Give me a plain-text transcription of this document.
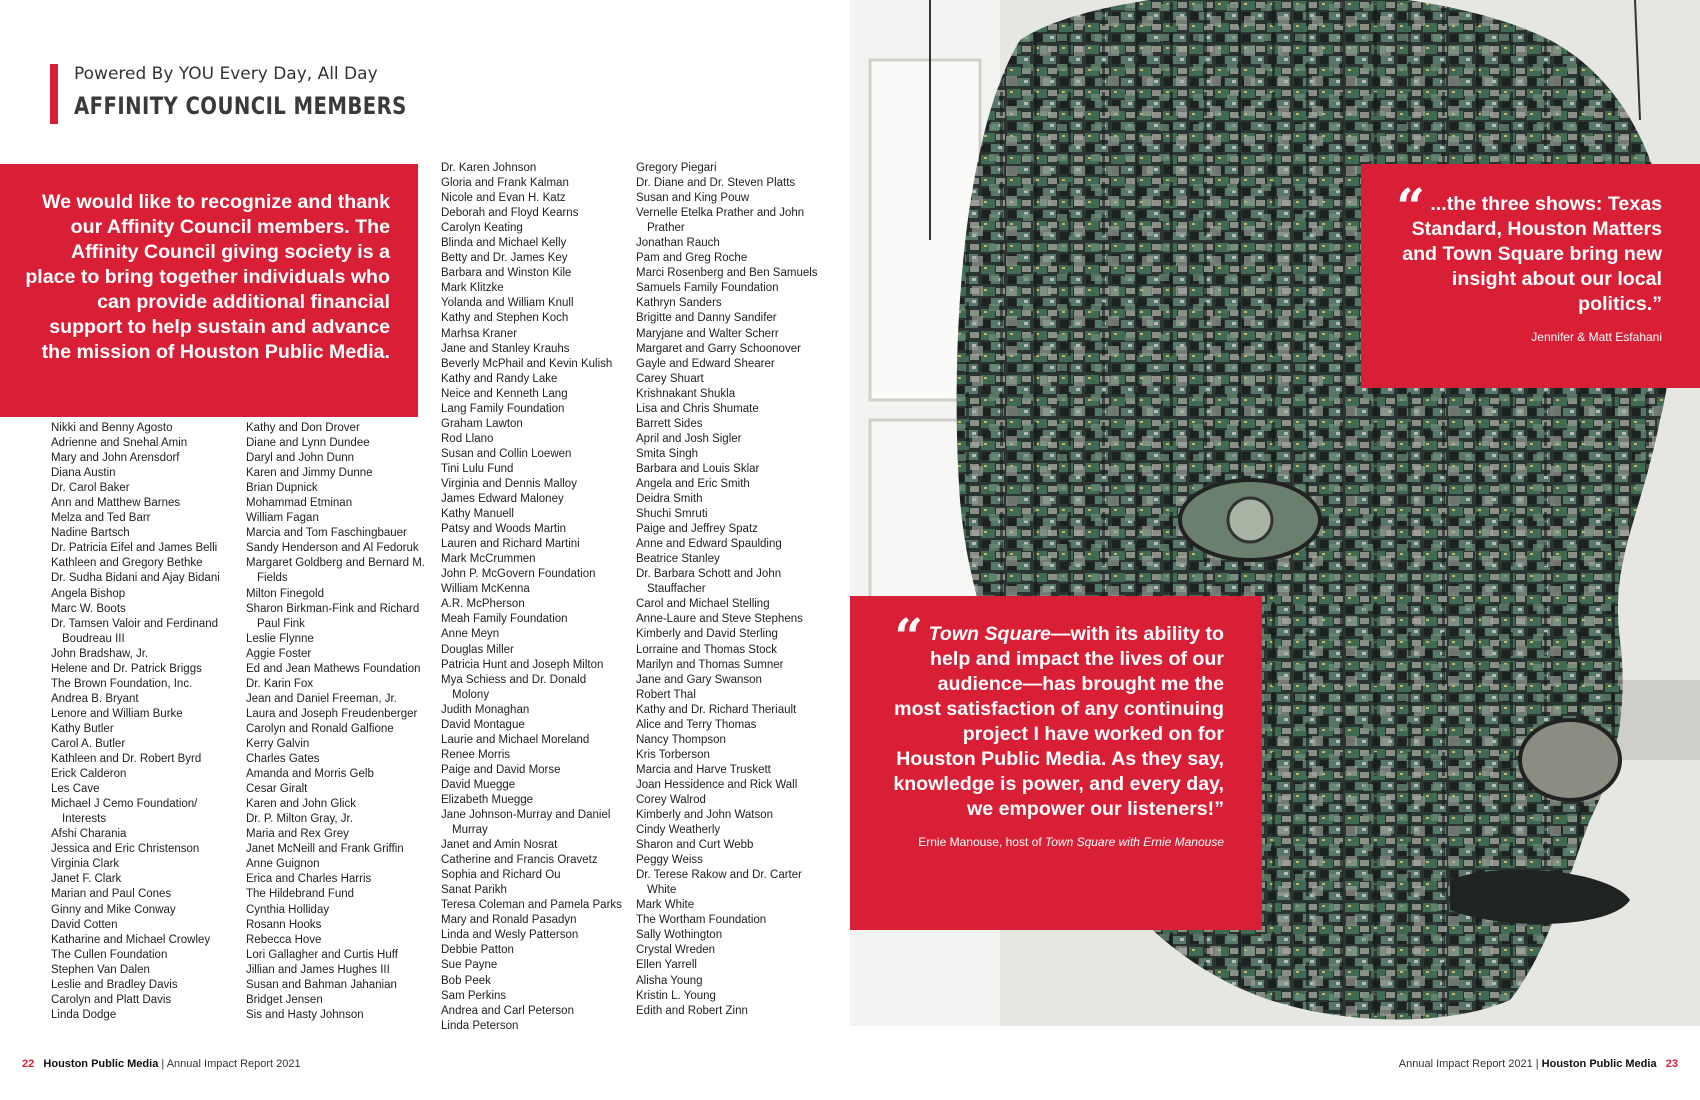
Powered By YOU Every Day, All Day
AFFINITY COUNCIL MEMBERS
We would like to recognize and thank our Affinity Council members. The Affinity Council giving society is a place to bring together individuals who can provide additional financial support to help sustain and advance the mission of Houston Public Media.
Nikki and Benny Agosto
Adrienne and Snehal Amin
Mary and John Arensdorf
Diana Austin
Dr. Carol Baker
Ann and Matthew Barnes
Melza and Ted Barr
Nadine Bartsch
Dr. Patricia Eifel and James Belli
Kathleen and Gregory Bethke
Dr. Sudha Bidani and Ajay Bidani
Angela Bishop
Marc W. Boots
Dr. Tamsen Valoir and Ferdinand Boudreau III
John Bradshaw, Jr.
Helene and Dr. Patrick Briggs
The Brown Foundation, Inc.
Andrea B. Bryant
Lenore and William Burke
Kathy Butler
Carol A. Butler
Kathleen and Dr. Robert Byrd
Erick Calderon
Les Cave
Michael J Cemo Foundation/ Interests
Afshi Charania
Jessica and Eric Christenson
Virginia Clark
Janet F. Clark
Marian and Paul Cones
Ginny and Mike Conway
David Cotten
Katharine and Michael Crowley
The Cullen Foundation
Stephen Van Dalen
Leslie and Bradley Davis
Carolyn and Platt Davis
Linda Dodge
Kathy and Don Drover
Diane and Lynn Dundee
Daryl and John Dunn
Karen and Jimmy Dunne
Brian Dupnick
Mohammad Etminan
William Fagan
Marcia and Tom Faschingbauer
Sandy Henderson and Al Fedoruk
Margaret Goldberg and Bernard M. Fields
Milton Finegold
Sharon Birkman-Fink and Richard Paul Fink
Leslie Flynne
Aggie Foster
Ed and Jean Mathews Foundation
Dr. Karin Fox
Jean and Daniel Freeman, Jr.
Laura and Joseph Freudenberger
Carolyn and Ronald Galfione
Kerry Galvin
Charles Gates
Amanda and Morris Gelb
Cesar Giralt
Karen and John Glick
Dr. P. Milton Gray, Jr.
Maria and Rex Grey
Janet McNeill and Frank Griffin
Anne Guignon
Erica and Charles Harris
The Hildebrand Fund
Cynthia Holliday
Rosann Hooks
Rebecca Hove
Lori Gallagher and Curtis Huff
Jillian and James Hughes III
Susan and Bahman Jahanian
Bridget Jensen
Sis and Hasty Johnson
Dr. Karen Johnson
Gloria and Frank Kalman
Nicole and Evan H. Katz
Deborah and Floyd Kearns
Carolyn Keating
Blinda and Michael Kelly
Betty and Dr. James Key
Barbara and Winston Kile
Mark Klitzke
Yolanda and William Knull
Kathy and Stephen Koch
Marhsa Kraner
Jane and Stanley Krauhs
Beverly McPhail and Kevin Kulish
Kathy and Randy Lake
Neice and Kenneth Lang
Lang Family Foundation
Graham Lawton
Rod Llano
Susan and Collin Loewen
Tini Lulu Fund
Virginia and Dennis Malloy
James Edward Maloney
Kathy Manuell
Patsy and Woods Martin
Lauren and Richard Martini
Mark McCrummen
John P. McGovern Foundation
William McKenna
A.R. McPherson
Meah Family Foundation
Anne Meyn
Douglas Miller
Patricia Hunt and Joseph Milton
Mya Schiess and Dr. Donald Molony
Judith Monaghan
David Montague
Laurie and Michael Moreland
Renee Morris
Paige and David Morse
David Muegge
Elizabeth Muegge
Jane Johnson-Murray and Daniel Murray
Janet and Amin Nosrat
Catherine and Francis Oravetz
Sophia and Richard Ou
Sanat Parikh
Teresa Coleman and Pamela Parks
Mary and Ronald Pasadyn
Linda and Wesly Patterson
Debbie Patton
Sue Payne
Bob Peek
Sam Perkins
Andrea and Carl Peterson
Linda Peterson
Gregory Piegari
Dr. Diane and Dr. Steven Platts
Susan and King Pouw
Vernelle Etelka Prather and John Prather
Jonathan Rauch
Pam and Greg Roche
Marci Rosenberg and Ben Samuels
Samuels Family Foundation
Kathryn Sanders
Brigitte and Danny Sandifer
Maryjane and Walter Scherr
Margaret and Garry Schoonover
Gayle and Edward Shearer
Carey Shuart
Krishnakant Shukla
Lisa and Chris Shumate
Barrett Sides
April and Josh Sigler
Smita Singh
Barbara and Louis Sklar
Angela and Eric Smith
Deidra Smith
Shuchi Smruti
Paige and Jeffrey Spatz
Anne and Edward Spaulding
Beatrice Stanley
Dr. Barbara Schott and John Stauffacher
Carol and Michael Stelling
Anne-Laure and Steve Stephens
Kimberly and David Sterling
Lorraine and Thomas Stock
Marilyn and Thomas Sumner
Jane and Gary Swanson
Robert Thal
Kathy and Dr. Richard Theriault
Alice and Terry Thomas
Nancy Thompson
Kris Torberson
Marcia and Harve Truskett
Joan Hessidence and Rick Wall
Corey Walrod
Kimberly and John Watson
Cindy Weatherly
Sharon and Curt Webb
Peggy Weiss
Dr. Terese Rakow and Dr. Carter White
Mark White
The Wortham Foundation
Sally Wothington
Crystal Wreden
Ellen Yarrell
Alisha Young
Kristin L. Young
Edith and Robert Zinn
22 Houston Public Media | Annual Impact Report 2021
“ ...the three shows: Texas Standard, Houston Matters and Town Square bring new insight about our local politics.”
Jennifer & Matt Esfahani
“ Town Square—with its ability to help and impact the lives of our audience—has brought me the most satisfaction of any continuing project I have worked on for Houston Public Media. As they say, knowledge is power, and every day, we empower our listeners!”
Ernie Manouse, host of Town Square with Ernie Manouse
Annual Impact Report 2021 | Houston Public Media 23
